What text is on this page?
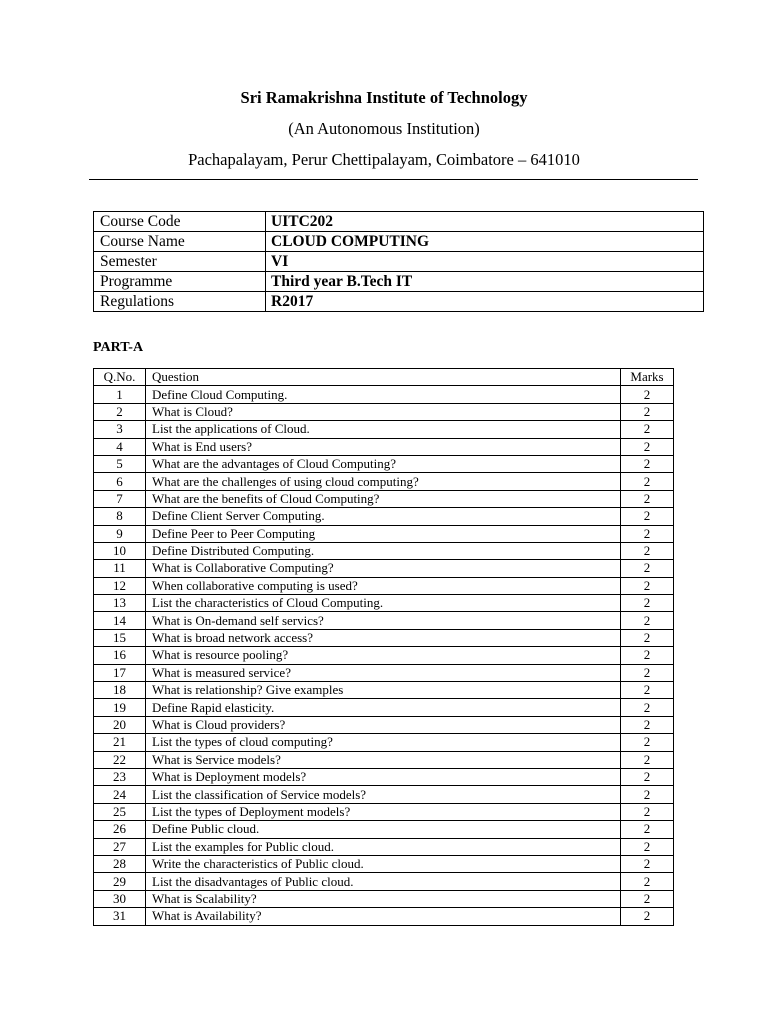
Sri Ramakrishna Institute of Technology
(An Autonomous Institution)
Pachapalayam, Perur Chettipalayam, Coimbatore – 641010
Course Code	UITC202
Course Name	CLOUD COMPUTING
Semester	VI
Programme	Third year B.Tech IT
Regulations	R2017
PART-A
Q.No.	Question	Marks
1	Define Cloud Computing.	2
2	What is Cloud?	2
3	List the applications of Cloud.	2
4	What is End users?	2
5	What are the advantages of Cloud Computing?	2
6	What are the challenges of using cloud computing?	2
7	What are the benefits of Cloud Computing?	2
8	Define Client Server Computing.	2
9	Define Peer to Peer Computing	2
10	Define Distributed Computing.	2
11	What is Collaborative Computing?	2
12	When collaborative computing is used?	2
13	List the characteristics of Cloud Computing.	2
14	What is On-demand self servics?	2
15	What is broad network access?	2
16	What is resource pooling?	2
17	What is measured service?	2
18	What is relationship? Give examples	2
19	Define Rapid elasticity.	2
20	What is Cloud providers?	2
21	List the types of cloud computing?	2
22	What is Service models?	2
23	What is Deployment models?	2
24	List the classification of Service models?	2
25	List the types of Deployment models?	2
26	Define Public cloud.	2
27	List the examples for Public cloud.	2
28	Write the characteristics of Public cloud.	2
29	List the disadvantages of Public cloud.	2
30	What is Scalability?	2
31	What is Availability?	2
